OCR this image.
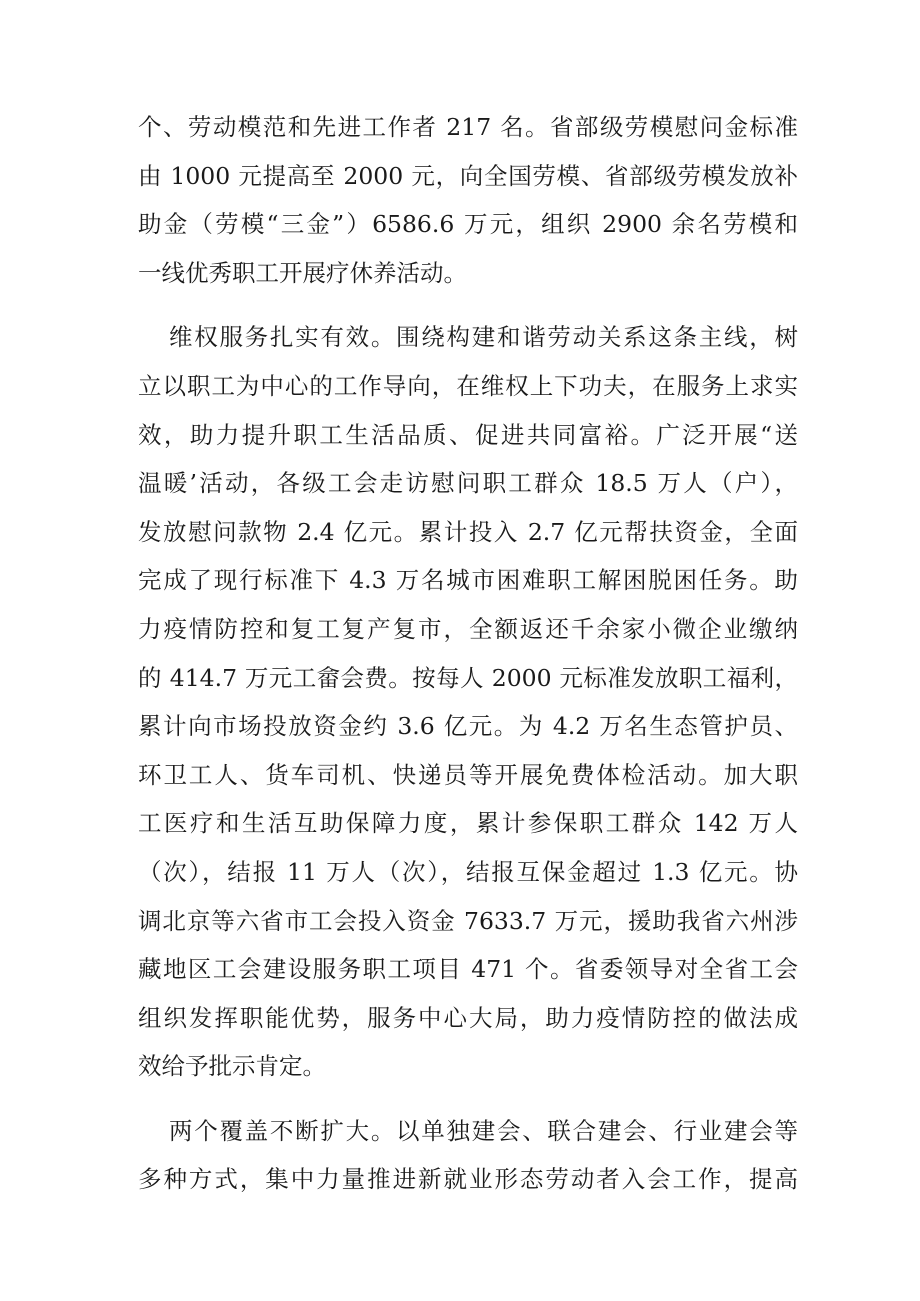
个、劳动模范和先进工作者 217 名。省部级劳模慰问金标准
由 1000 元提高至 2000 元，向全国劳模、省部级劳模发放补
助金（劳模“三金”）6586.6 万元，组织 2900 余名劳模和
一线优秀职工开展疗休养活动。
维权服务扎实有效。围绕构建和谐劳动关系这条主线，树
立以职工为中心的工作导向，在维权上下功夫，在服务上求实
效，助力提升职工生活品质、促进共同富裕。广泛开展“送
温暖’活动，各级工会走访慰问职工群众 18.5 万人（户），
发放慰问款物 2.4 亿元。累计投入 2.7 亿元帮扶资金，全面
完成了现行标准下 4.3 万名城市困难职工解困脱困任务。助
力疫情防控和复工复产复市，全额返还千余家小微企业缴纳
的 414.7 万元工畲会费。按每人 2000 元标准发放职工福利，
累计向市场投放资金约 3.6 亿元。为 4.2 万名生态管护员、
环卫工人、货车司机、快递员等开展免费体检活动。加大职
工医疗和生活互助保障力度，累计参保职工群众 142 万人
（次），结报 11 万人（次），结报互保金超过 1.3 亿元。协
调北京等六省市工会投入资金 7633.7 万元，援助我省六州涉
藏地区工会建设服务职工项目 471 个。省委领导对全省工会
组织发挥职能优势，服务中心大局，助力疫情防控的做法成
效给予批示肯定。
两个覆盖不断扩大。以单独建会、联合建会、行业建会等
多种方式，集中力量推进新就业形态劳动者入会工作，提高
